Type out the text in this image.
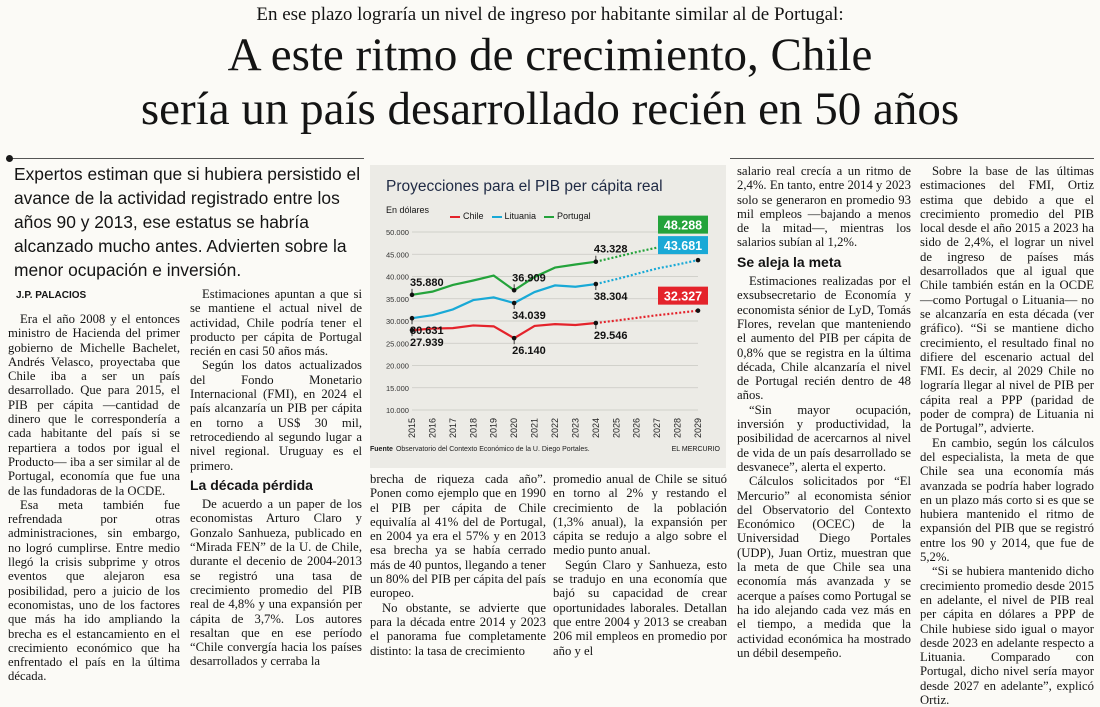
En ese plazo lograría un nivel de ingreso por habitante similar al de Portugal:
A este ritmo de crecimiento, Chile
sería un país desarrollado recién en 50 años
Expertos estiman que si hubiera persistido el avance de la actividad registrado entre los años 90 y 2013, ese estatus se habría alcanzado mucho antes. Advierten sobre la menor ocupación e inversión.
J.P. PALACIOS

Era el año 2008 y el entonces ministro de Hacienda del primer gobierno de Michelle Bachelet, Andrés Velasco, proyectaba que Chile iba a ser un país desarrollado. Que para 2015, el PIB per cápita —cantidad de dinero que le correspondería a cada habitante del país si se repartiera a todos por igual el Producto— iba a ser similar al de Portugal, economía que fue una de las fundadoras de la OCDE.

Esa meta también fue refrendada por otras administraciones, sin embargo, no logró cumplirse. Entre medio llegó la crisis subprime y otros eventos que alejaron esa posibilidad, pero a juicio de los economistas, uno de los factores que más ha ido ampliando la brecha es el estancamiento en el crecimiento económico que ha enfrentado el país en la última década.

Estimaciones apuntan a que si se mantiene el actual nivel de actividad, Chile podría tener el producto per cápita de Portugal recién en casi 50 años más.

Según los datos actualizados del Fondo Monetario Internacional (FMI), en 2024 el país alcanzaría un PIB per cápita en torno a US$ 30 mil, retrocediendo al segundo lugar a nivel regional. Uruguay es el primero.

La década pérdida

De acuerdo a un paper de los economistas Arturo Claro y Gonzalo Sanhueza, publicado en “Mirada FEN” de la U. de Chile, durante el decenio de 2004-2013 se registró una tasa de crecimiento promedio del PIB real de 4,8% y una expansión per cápita de 3,7%. Los autores resaltan que en ese período “Chile convergía hacia los países desarrollados y cerraba la

brecha de riqueza cada año”. Ponen como ejemplo que en 1990 el PIB per cápita de Chile equivalía al 41% del de Portugal, en 2004 ya era el 57% y en 2013 esa brecha ya se había cerrado más de 40 puntos, llegando a tener un 80% del PIB per cápita del país europeo.

No obstante, se advierte que para la década entre 2014 y 2023 el panorama fue completamente distinto: la tasa de crecimiento

promedio anual de Chile se situó en torno al 2% y restando el crecimiento de la población (1,3% anual), la expansión per cápita se redujo a algo sobre el medio punto anual.

Según Claro y Sanhueza, esto se tradujo en una economía que bajó su capacidad de crear oportunidades laborales. Detallan que entre 2004 y 2013 se creaban 206 mil empleos en promedio por año y el

salario real crecía a un ritmo de 2,4%. En tanto, entre 2014 y 2023 solo se generaron en promedio 93 mil empleos —bajando a menos de la mitad—, mientras los salarios subían al 1,2%.

Se aleja la meta

Estimaciones realizadas por el exsubsecretario de Economía y economista sénior de LyD, Tomás Flores, revelan que manteniendo el aumento del PIB per cápita de 0,8% que se registra en la última década, Chile alcanzaría el nivel de Portugal recién dentro de 48 años.

“Sin mayor ocupación, inversión y productividad, la posibilidad de acercarnos al nivel de vida de un país desarrollado se desvanece”, alerta el experto.

Cálculos solicitados por “El Mercurio” al economista sénior del Observatorio del Contexto Económico (OCEC) de la Universidad Diego Portales (UDP), Juan Ortiz, muestran que la meta de que Chile sea una economía más avanzada y se acerque a países como Portugal se ha ido alejando cada vez más en el tiempo, a medida que la actividad económica ha mostrado un débil desempeño.

Sobre la base de las últimas estimaciones del FMI, Ortiz estima que debido a que el crecimiento promedio del PIB local desde el año 2015 a 2023 ha sido de 2,4%, el lograr un nivel de ingreso de países más desarrollados que al igual que Chile también están en la OCDE —como Portugal o Lituania— no se alcanzaría en esta década (ver gráfico). “Si se mantiene dicho crecimiento, el resultado final no difiere del escenario actual del FMI. Es decir, al 2029 Chile no lograría llegar al nivel de PIB per cápita real a PPP (paridad de poder de compra) de Lituania ni de Portugal”, advierte.

En cambio, según los cálculos del especialista, la meta de que Chile sea una economía más avanzada se podría haber logrado en un plazo más corto si es que se hubiera mantenido el ritmo de expansión del PIB que se registró entre los 90 y 2014, que fue de 5,2%.

“Si se hubiera mantenido dicho crecimiento promedio desde 2015 en adelante, el nivel de PIB real per cápita en dólares a PPP de Chile hubiese sido igual o mayor desde 2023 en adelante respecto a Lituania. Comparado con Portugal, dicho nivel sería mayor desde 2027 en adelante”, explicó Ortiz.

Proyecciones para el PIB per cápita real
En dólares
Chile	Lituania	Portugal
10.000
15.000
20.000
25.000
30.000
35.000
40.000
45.000
50.000
2015 2016 2017 2018 2019 2020 2021 2022 2023 2024 2025 2026 2027 2028 2029
35.880
30.631
27.939
36.909
34.039
26.140
43.328
38.304
29.546
48.288
43.681
32.327
Fuente Observatorio del Contexto Económico de la U. Diego Portales.	EL MERCURIO
